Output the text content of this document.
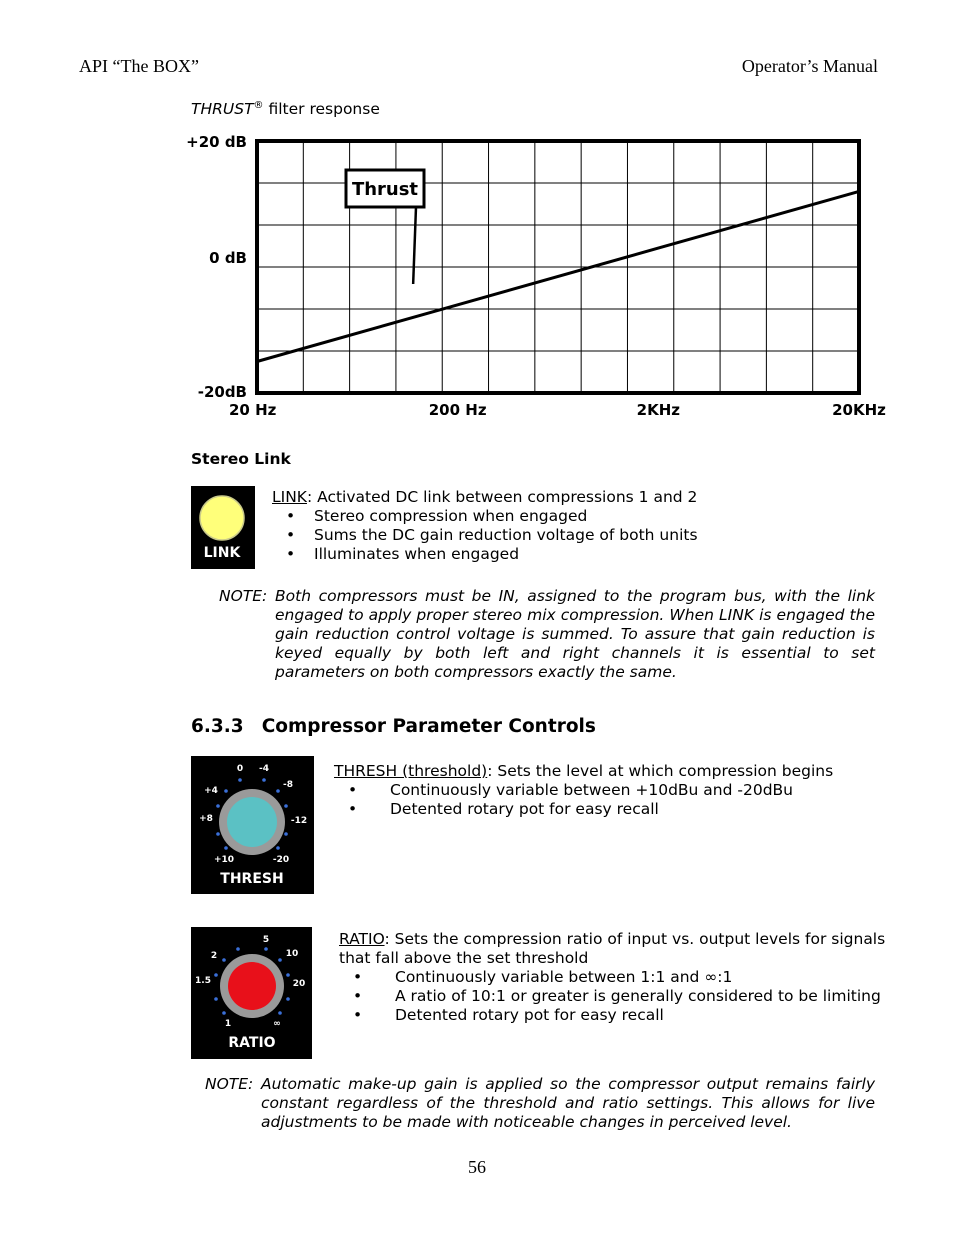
API “The BOX”	Operator’s Manual
THRUST® filter response
+20 dB
0 dB
-20dB
20 Hz	200 Hz	2KHz	20KHz
Thrust
Stereo Link
LINK
LINK: Activated DC link between compressions 1 and 2
• Stereo compression when engaged
• Sums the DC gain reduction voltage of both units
• Illuminates when engaged
NOTE: Both compressors must be IN, assigned to the program bus, with the link engaged to apply proper stereo mix compression. When LINK is engaged the gain reduction control voltage is summed. To assure that gain reduction is keyed equally by both left and right channels it is essential to set parameters on both compressors exactly the same.
6.3.3 Compressor Parameter Controls
0 -4
+4
-8
+8	-12
+10	-20
THRESH
THRESH (threshold): Sets the level at which compression begins
• Continuously variable between +10dBu and -20dBu
• Detented rotary pot for easy recall
2
5
10
1.5	20
1	∞
RATIO
RATIO: Sets the compression ratio of input vs. output levels for signals
that fall above the set threshold
• Continuously variable between 1:1 and ∞:1
• A ratio of 10:1 or greater is generally considered to be limiting
• Detented rotary pot for easy recall
NOTE: Automatic make-up gain is applied so the compressor output remains fairly constant regardless of the threshold and ratio settings. This allows for live adjustments to be made with noticeable changes in perceived level.
56
